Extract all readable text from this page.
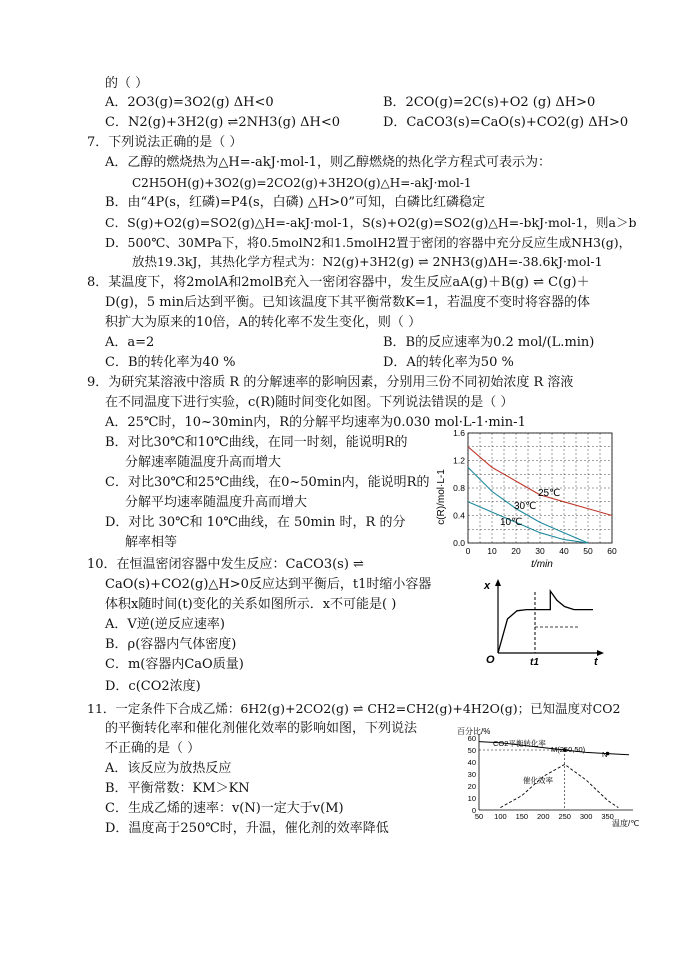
的（ ）
A．2O3(g)=3O2(g) ΔH<0	B．2CO(g)=2C(s)+O2 (g) ΔH>0
C．N2(g)+3H2(g) ⇌2NH3(g) ΔH<0	D．CaCO3(s)=CaO(s)+CO2(g) ΔH>0
7．下列说法正确的是（ ）
A．乙醇的燃烧热为△H=-akJ·mol-1，则乙醇燃烧的热化学方程式可表示为：
C2H5OH(g)+3O2(g)=2CO2(g)+3H2O(g)△H=-akJ·mol-1
B．由“4P(s，红磷)=P4(s，白磷) △H>0”可知，白磷比红磷稳定
C．S(g)+O2(g)=SO2(g)△H=-akJ·mol-1，S(s)+O2(g)=SO2(g)△H=-bkJ·mol-1，则a＞b
D．500℃、30MPa下，将0.5molN2和1.5molH2置于密闭的容器中充分反应生成NH3(g)，
放热19.3kJ，其热化学方程式为：N2(g)+3H2(g) ⇌ 2NH3(g)ΔH=-38.6kJ·mol-1
8．某温度下，将2molA和2molB充入一密闭容器中，发生反应aA(g)＋B(g) ⇌ C(g)＋
D(g)，5 min后达到平衡。已知该温度下其平衡常数K=1，若温度不变时将容器的体
积扩大为原来的10倍，A的转化率不发生变化，则（ ）
A．a=2	B．B的反应速率为0.2 mol/(L.min)
C．B的转化率为40 %	D．A的转化率为50 %
9．为研究某溶液中溶质 R 的分解速率的影响因素，分别用三份不同初始浓度 R 溶液
在不同温度下进行实验，c(R)随时间变化如图。下列说法错误的是（ ）
A．25℃时，10~30min内，R的分解平均速率为0.030 mol·L-1·min-1
B．对比30℃和10℃曲线，在同一时刻，能说明R的
分解速率随温度升高而增大
C．对比30℃和25℃曲线，在0~50min内，能说明R的
分解平均速率随温度升高而增大
D．对比 30℃和 10℃曲线，在 50min 时，R 的分
解率相等
10．在恒温密闭容器中发生反应：CaCO3(s) ⇌
CaO(s)+CO2(g)△H>0反应达到平衡后，t1时缩小容器
体积x随时间(t)变化的关系如图所示．x不可能是( )
A．V逆(逆反应速率)
B．ρ(容器内气体密度)
C．m(容器内CaO质量)
D．c(CO2浓度)
11．一定条件下合成乙烯：6H2(g)+2CO2(g) ⇌ CH2=CH2(g)+4H2O(g)；已知温度对CO2
的平衡转化率和催化剂催化效率的影响如图，下列说法
不正确的是（ ）
A．该反应为放热反应
B．平衡常数：KM＞KN
C．生成乙烯的速率：v(N)一定大于v(M)
D．温度高于250℃时，升温，催化剂的效率降低
0 10 20 30 40 50 60
0.0
0.4
0.8
1.2
1.6
t/min
c(R)/mol·L-1	25℃
30℃
10℃
x
O	t
t1
百分比/%
50 100 150 200 250 300 350
0
10
20
30
40
50
60
温度/℃
CO2平衡转化率
催化效率
M(250,50)
N
